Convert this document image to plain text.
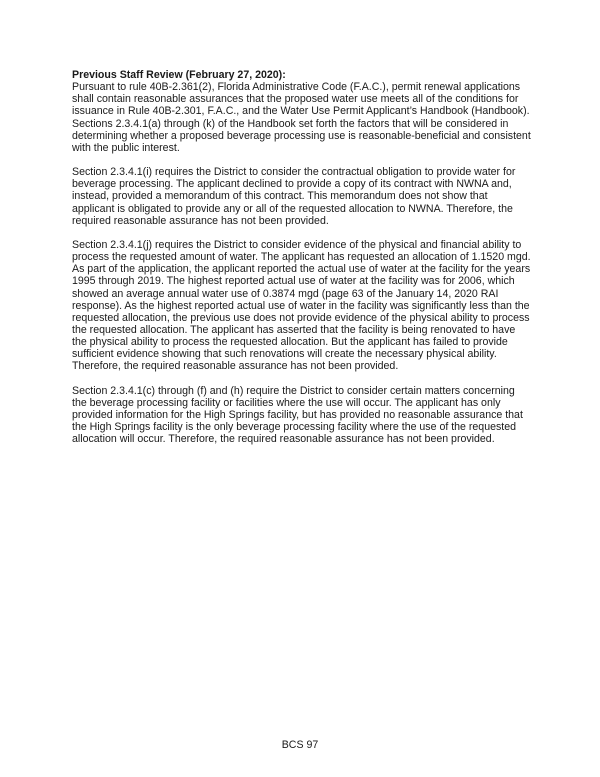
Previous Staff Review (February 27, 2020):

Pursuant to rule 40B-2.361(2), Florida Administrative Code (F.A.C.), permit renewal applications shall contain reasonable assurances that the proposed water use meets all of the conditions for issuance in Rule 40B-2.301, F.A.C., and the Water Use Permit Applicant’s Handbook (Handbook). Sections 2.3.4.1(a) through (k) of the Handbook set forth the factors that will be considered in determining whether a proposed beverage processing use is reasonable-beneficial and consistent with the public interest.

Section 2.3.4.1(i) requires the District to consider the contractual obligation to provide water for beverage processing. The applicant declined to provide a copy of its contract with NWNA and, instead, provided a memorandum of this contract. This memorandum does not show that applicant is obligated to provide any or all of the requested allocation to NWNA. Therefore, the required reasonable assurance has not been provided.

Section 2.3.4.1(j) requires the District to consider evidence of the physical and financial ability to process the requested amount of water. The applicant has requested an allocation of 1.1520 mgd. As part of the application, the applicant reported the actual use of water at the facility for the years 1995 through 2019. The highest reported actual use of water at the facility was for 2006, which showed an average annual water use of 0.3874 mgd (page 63 of the January 14, 2020 RAI response). As the highest reported actual use of water in the facility was significantly less than the requested allocation, the previous use does not provide evidence of the physical ability to process the requested allocation. The applicant has asserted that the facility is being renovated to have the physical ability to process the requested allocation. But the applicant has failed to provide sufficient evidence showing that such renovations will create the necessary physical ability. Therefore, the required reasonable assurance has not been provided.

Section 2.3.4.1(c) through (f) and (h) require the District to consider certain matters concerning the beverage processing facility or facilities where the use will occur. The applicant has only provided information for the High Springs facility, but has provided no reasonable assurance that the High Springs facility is the only beverage processing facility where the use of the requested allocation will occur. Therefore, the required reasonable assurance has not been provided.

BCS 97
